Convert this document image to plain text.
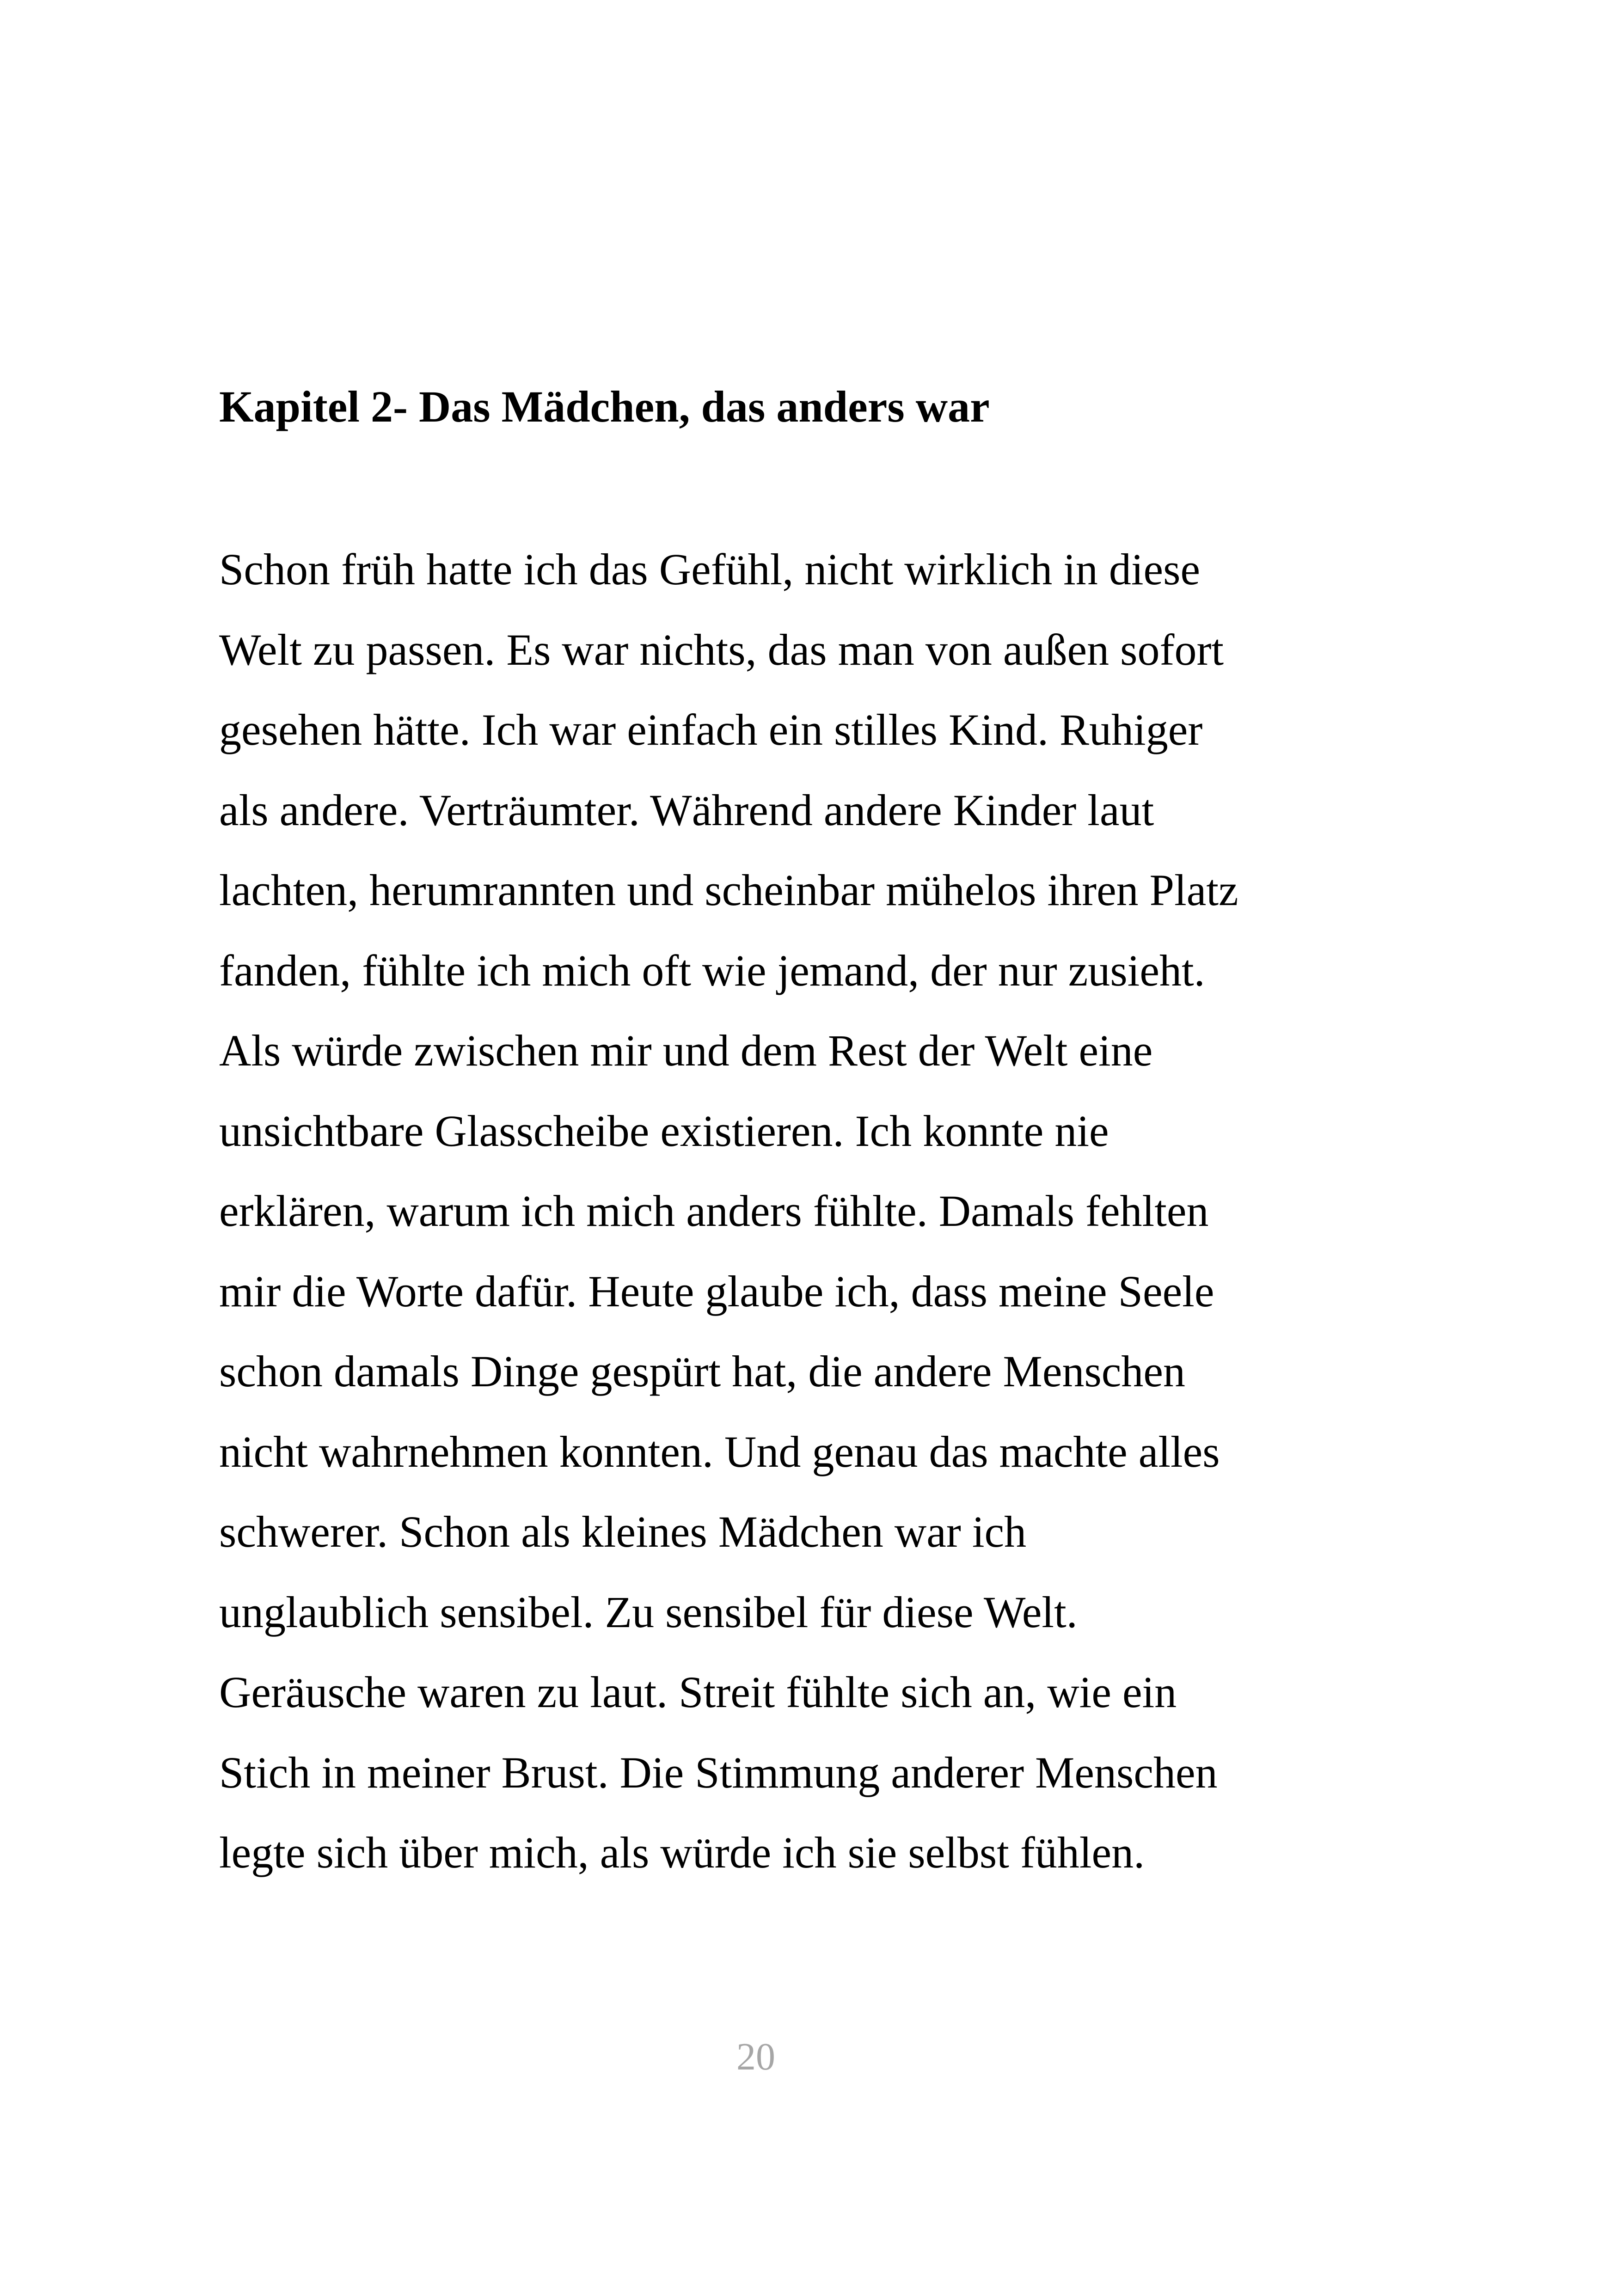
Kapitel 2- Das Mädchen, das anders war
Schon früh hatte ich das Gefühl, nicht wirklich in diese
Welt zu passen. Es war nichts, das man von außen sofort
gesehen hätte. Ich war einfach ein stilles Kind. Ruhiger
als andere. Verträumter. Während andere Kinder laut
lachten, herumrannten und scheinbar mühelos ihren Platz
fanden, fühlte ich mich oft wie jemand, der nur zusieht.
Als würde zwischen mir und dem Rest der Welt eine
unsichtbare Glasscheibe existieren. Ich konnte nie
erklären, warum ich mich anders fühlte. Damals fehlten
mir die Worte dafür. Heute glaube ich, dass meine Seele
schon damals Dinge gespürt hat, die andere Menschen
nicht wahrnehmen konnten. Und genau das machte alles
schwerer. Schon als kleines Mädchen war ich
unglaublich sensibel. Zu sensibel für diese Welt.
Geräusche waren zu laut. Streit fühlte sich an, wie ein
Stich in meiner Brust. Die Stimmung anderer Menschen
legte sich über mich, als würde ich sie selbst fühlen.
20
